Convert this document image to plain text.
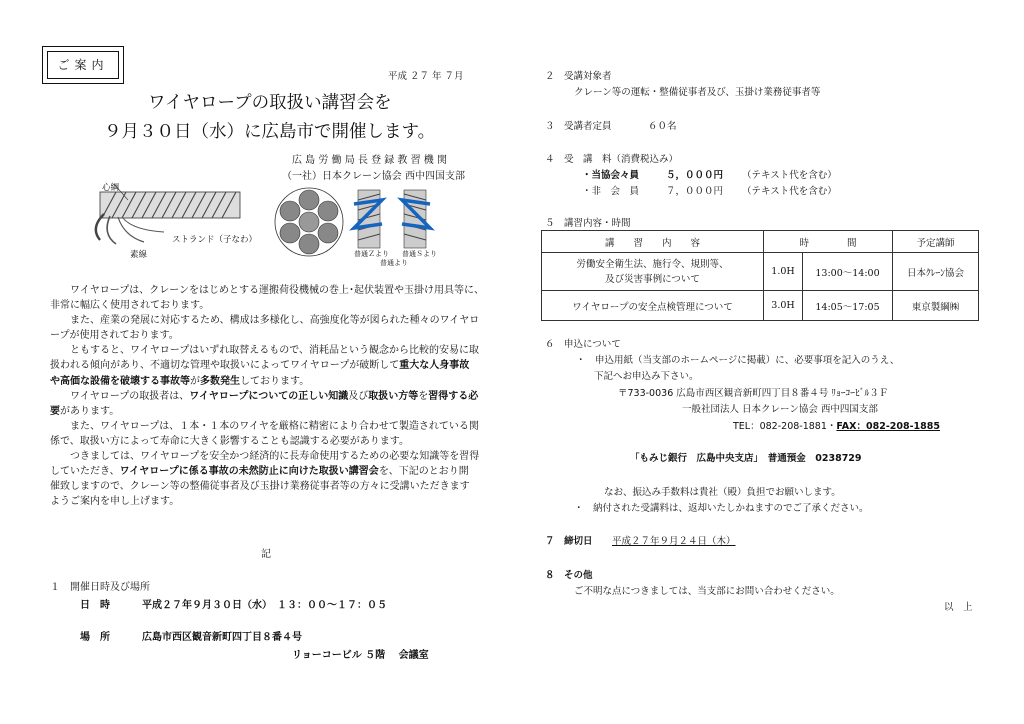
ご案内
平成 ２７ 年 ７月
ワイヤロープの取扱い講習会を
９月３０日（水）に広島市で開催します。
広 島 労 働 局 長 登 録 教 習 機 関
（一社）日本クレーン協会 西中四国支部
心綱
ストランド（子なわ）
素線	普通Ｚより 普通Ｓより
普通より

　　ワイヤロープは、クレーンをはじめとする運搬荷役機械の巻上･起伏装置や玉掛け用具等に、

非常に幅広く使用されております。

　　また、産業の発展に対応するため、構成は多様化し、高強度化等が図られた種々のワイヤロ

ープが使用されております。

　　ともすると、ワイヤロープはいずれ取替えるもので、消耗品という観念から比較的安易に取

扱われる傾向があり、不適切な管理や取扱いによってワイヤロープが破断して重大な人身事故

や高価な設備を破壊する事故等が多数発生しております。

　　ワイヤロープの取扱者は、ワイヤロープについての正しい知識及び取扱い方等を習得する必

要があります。

　　また、ワイヤロープは、１本・１本のワイヤを厳格に精密により合わせて製造されている関

係で、取扱い方によって寿命に大きく影響することも認識する必要があります。

　　つきましては、ワイヤロープを安全かつ経済的に長寿命使用するための必要な知識等を習得

していただき、ワイヤロープに係る事故の未然防止に向けた取扱い講習会を、下記のとおり開

催致しますので、クレーン等の整備従事者及び玉掛け業務従事者等の方々に受講いただきます

ようご案内を申し上げます。

記
１　開催日時及び場所
日　時	平成２７年９月３０日（水）　１３：００～１７：０５
場　所	広島市西区観音新町四丁目８番４号
リョーコービル ５階　 会議室
２　受講対象者
クレーン等の運転・整備従事者及び、玉掛け業務従事者等
３　受講者定員	６０名
４　受　講　料（消費税込み）
・当協会々員	５，０００円 （テキスト代を含む）
・非　会　員	７，０００円 （テキスト代を含む）
５　講習内容・時間
講　　習　　内　　容	時　　　　間		予定講師
労働安全衛生法、施行令、規則等、
及び災害事例について	1.0H	13:00～14:00	日本ｸﾚｰﾝ協会
ワイヤロープの安全点検管理について	3.0H	14:05～17:05	東京製綱㈱
６　申込について
・　申込用紙（当支部のホームページに掲載）に、必要事項を記入のうえ、
下記へお申込み下さい。
〒733-0036 広島市西区観音新町四丁目８番４号 ﾘｮｰｺｰﾋﾞﾙ３Ｆ
一般社団法人 日本クレーン協会 西中四国支部
TEL：082-208-1881・FAX：082-208-1885
「もみじ銀行　広島中央支店」　普通預金　0238729
なお、振込み手数料は貴社（殿）負担でお願いします。
・　納付された受講料は、返却いたしかねますのでご了承ください。
７　締切日 平成２７年９月２４日（木）
８　その他
ご不明な点につきましては、当支部にお問い合わせください。
以　上
